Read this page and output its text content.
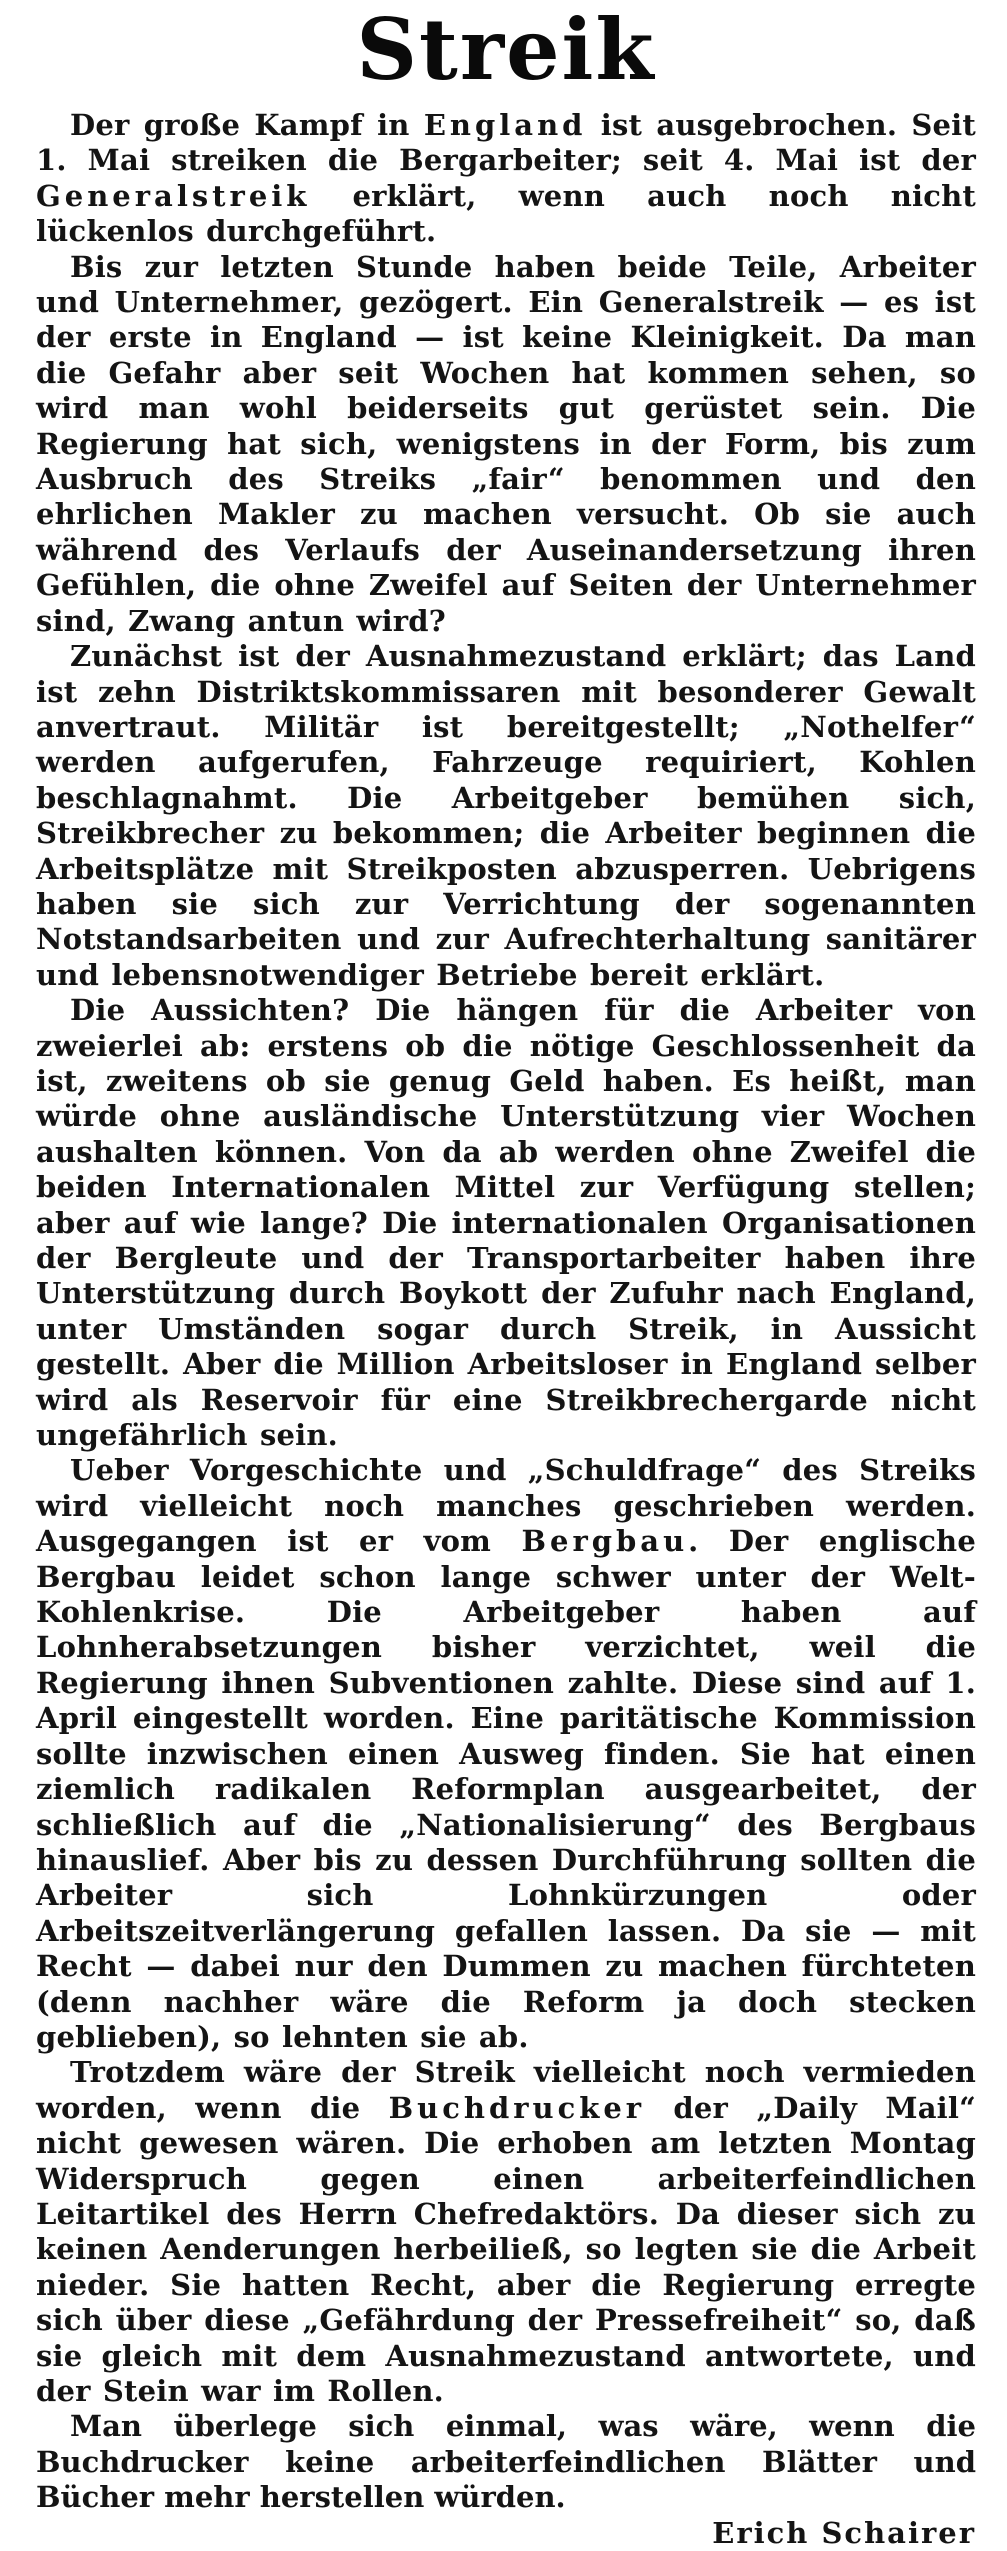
Streik

Der große Kampf in England ist ausgebrochen. Seit 1. Mai streiken die Bergarbeiter; seit 4. Mai ist der Generalstreik erklärt, wenn auch noch nicht lückenlos durchgeführt.

Bis zur letzten Stunde haben beide Teile, Arbeiter und Unternehmer, gezögert. Ein Generalstreik — es ist der erste in England — ist keine Kleinigkeit. Da man die Gefahr aber seit Wochen hat kommen sehen, so wird man wohl beiderseits gut gerüstet sein. Die Regierung hat sich, wenigstens in der Form, bis zum Ausbruch des Streiks „fair“ benommen und den ehrlichen Makler zu machen versucht. Ob sie auch während des Verlaufs der Auseinandersetzung ihren Gefühlen, die ohne Zweifel auf Seiten der Unternehmer sind, Zwang antun wird?

Zunächst ist der Ausnahmezustand erklärt; das Land ist zehn Distriktskommissaren mit besonderer Gewalt anvertraut. Militär ist bereitgestellt; „Nothelfer“ werden aufgerufen, Fahrzeuge requiriert, Kohlen beschlagnahmt. Die Arbeitgeber bemühen sich, Streikbrecher zu bekommen; die Arbeiter beginnen die Arbeitsplätze mit Streikposten abzusperren. Uebrigens haben sie sich zur Verrichtung der sogenannten Notstandsarbeiten und zur Aufrechterhaltung sanitärer und lebensnotwendiger Betriebe bereit erklärt.

Die Aussichten? Die hängen für die Arbeiter von zweierlei ab: erstens ob die nötige Geschlossenheit da ist, zweitens ob sie genug Geld haben. Es heißt, man würde ohne ausländische Unterstützung vier Wochen aushalten können. Von da ab werden ohne Zweifel die beiden Internationalen Mittel zur Verfügung stellen; aber auf wie lange? Die internationalen Organisationen der Bergleute und der Transportarbeiter haben ihre Unterstützung durch Boykott der Zufuhr nach England, unter Umständen sogar durch Streik, in Aussicht gestellt. Aber die Million Arbeitsloser in England selber wird als Reservoir für eine Streikbrechergarde nicht ungefährlich sein.

Ueber Vorgeschichte und „Schuldfrage“ des Streiks wird vielleicht noch manches geschrieben werden. Ausgegangen ist er vom Bergbau. Der englische Bergbau leidet schon lange schwer unter der Welt-Kohlenkrise. Die Arbeitgeber haben auf Lohnherabsetzungen bisher verzichtet, weil die Regierung ihnen Subventionen zahlte. Diese sind auf 1. April eingestellt worden. Eine paritätische Kommission sollte inzwischen einen Ausweg finden. Sie hat einen ziemlich radikalen Reformplan ausgearbeitet, der schließlich auf die „Nationalisierung“ des Bergbaus hinauslief. Aber bis zu dessen Durchführung sollten die Arbeiter sich Lohnkürzungen oder Arbeitszeitverlängerung gefallen lassen. Da sie — mit Recht — dabei nur den Dummen zu machen fürchteten (denn nachher wäre die Reform ja doch stecken geblieben), so lehnten sie ab.

Trotzdem wäre der Streik vielleicht noch vermieden worden, wenn die Buchdrucker der „Daily Mail“ nicht gewesen wären. Die erhoben am letzten Montag Widerspruch gegen einen arbeiterfeindlichen Leitartikel des Herrn Chefredaktörs. Da dieser sich zu keinen Aenderungen herbeiließ, so legten sie die Arbeit nieder. Sie hatten Recht, aber die Regierung erregte sich über diese „Gefährdung der Pressefreiheit“ so, daß sie gleich mit dem Ausnahmezustand antwortete, und der Stein war im Rollen.

Man überlege sich einmal, was wäre, wenn die Buchdrucker keine arbeiterfeindlichen Blätter und Bücher mehr herstellen würden.
Erich Schairer
